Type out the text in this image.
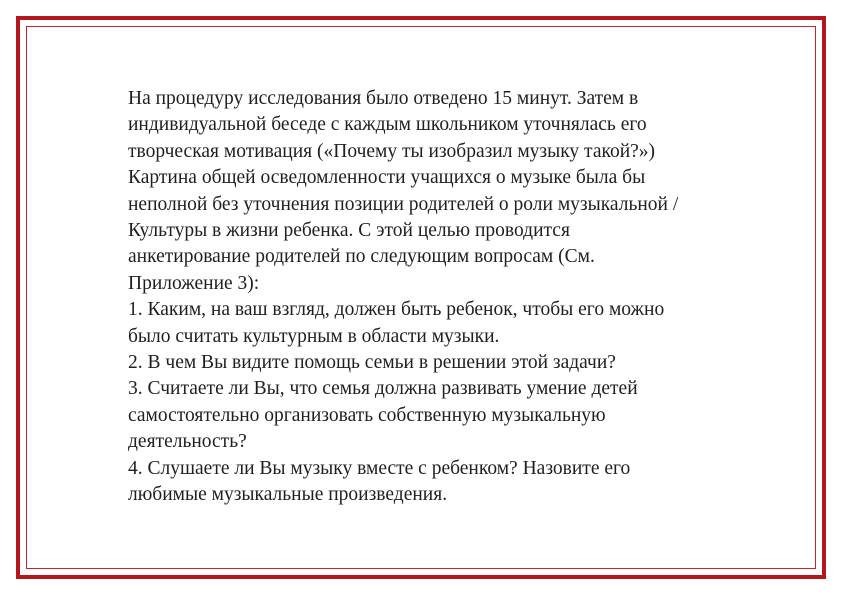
На процедуру исследования было отведено 15 минут. Затем в
индивидуальной беседе с каждым школьником уточнялась его
творческая мотивация («Почему ты изобразил музыку такой?»)
Картина общей осведомленности учащихся о музыке была бы
неполной без уточнения позиции родителей о роли музыкальной /
Культуры в жизни ребенка. С этой целью проводится
анкетирование родителей по следующим вопросам (См.
Приложение 3):
1. Каким, на ваш взгляд, должен быть ребенок, чтобы его можно
было считать культурным в области музыки.
2. В чем Вы видите помощь семьи в решении этой задачи?
3. Считаете ли Вы, что семья должна развивать умение детей
самостоятельно организовать собственную музыкальную
деятельность?
4. Слушаете ли Вы музыку вместе с ребенком? Назовите его
любимые музыкальные произведения.
